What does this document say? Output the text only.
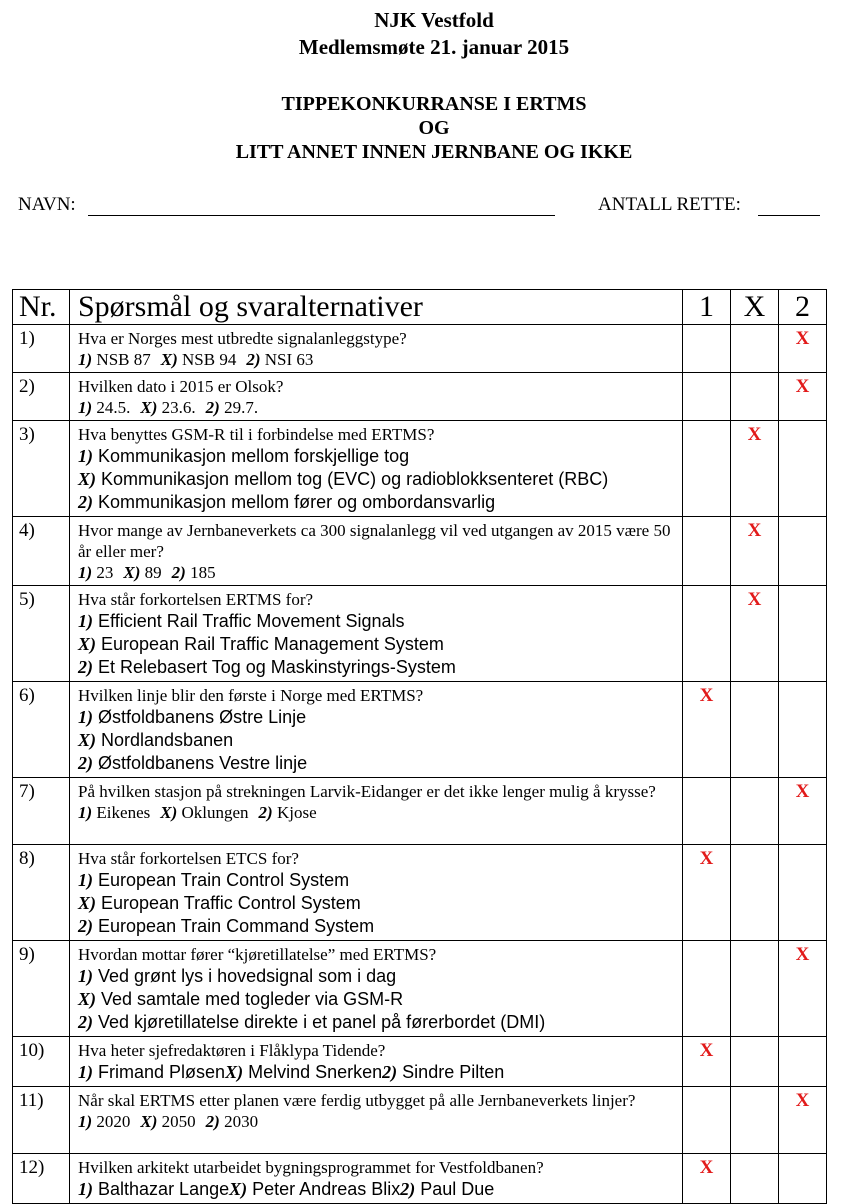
NJK Vestfold
Medlemsmøte 21. januar 2015
TIPPEKONKURRANSE I ERTMS
OG
LITT ANNET INNEN JERNBANE OG IKKE
NAVN:	ANTALL RETTE:
Nr.	Spørsmål og svaralternativer	1	X	2
1)	Hva er Norges mest utbredte signalanleggstype?
1) NSB 87 X) NSB 94 2) NSI 63			X
2)	Hvilken dato i 2015 er Olsok?
1) 24.5. X) 23.6. 2) 29.7.			X
3)	Hva benyttes GSM-R til i forbindelse med ERTMS?
1) Kommunikasjon mellom forskjellige tog
X) Kommunikasjon mellom tog (EVC) og radioblokksenteret (RBC)
2) Kommunikasjon mellom fører og ombordansvarlig		X	
4)	Hvor mange av Jernbaneverkets ca 300 signalanlegg vil ved utgangen av 2015 være 50 år eller mer?
1) 23 X) 89 2) 185		X	
5)	Hva står forkortelsen ERTMS for?
1) Efficient Rail Traffic Movement Signals
X) European Rail Traffic Management System
2) Et Relebasert Tog og Maskinstyrings-System		X	
6)	Hvilken linje blir den første i Norge med ERTMS?
1) Østfoldbanens Østre Linje
X) Nordlandsbanen
2) Østfoldbanens Vestre linje	X		
7)	På hvilken stasjon på strekningen Larvik-Eidanger er det ikke lenger mulig å krysse?
1) Eikenes X) Oklungen 2) Kjose			X
8)	Hva står forkortelsen ETCS for?
1) European Train Control System
X) European Traffic Control System
2) European Train Command System	X		
9)	Hvordan mottar fører “kjøretillatelse” med ERTMS?
1) Ved grønt lys i hovedsignal som i dag
X) Ved samtale med togleder via GSM-R
2) Ved kjøretillatelse direkte i et panel på førerbordet (DMI)			X
10)	Hva heter sjefredaktøren i Flåklypa Tidende?
1) Frimand PløsenX) Melvind Snerken2) Sindre Pilten	X		
11)	Når skal ERTMS etter planen være ferdig utbygget på alle Jernbaneverkets linjer?
1) 2020 X) 2050 2) 2030			X
12)	Hvilken arkitekt utarbeidet bygningsprogrammet for Vestfoldbanen?
1) Balthazar LangeX) Peter Andreas Blix2) Paul Due	X		
